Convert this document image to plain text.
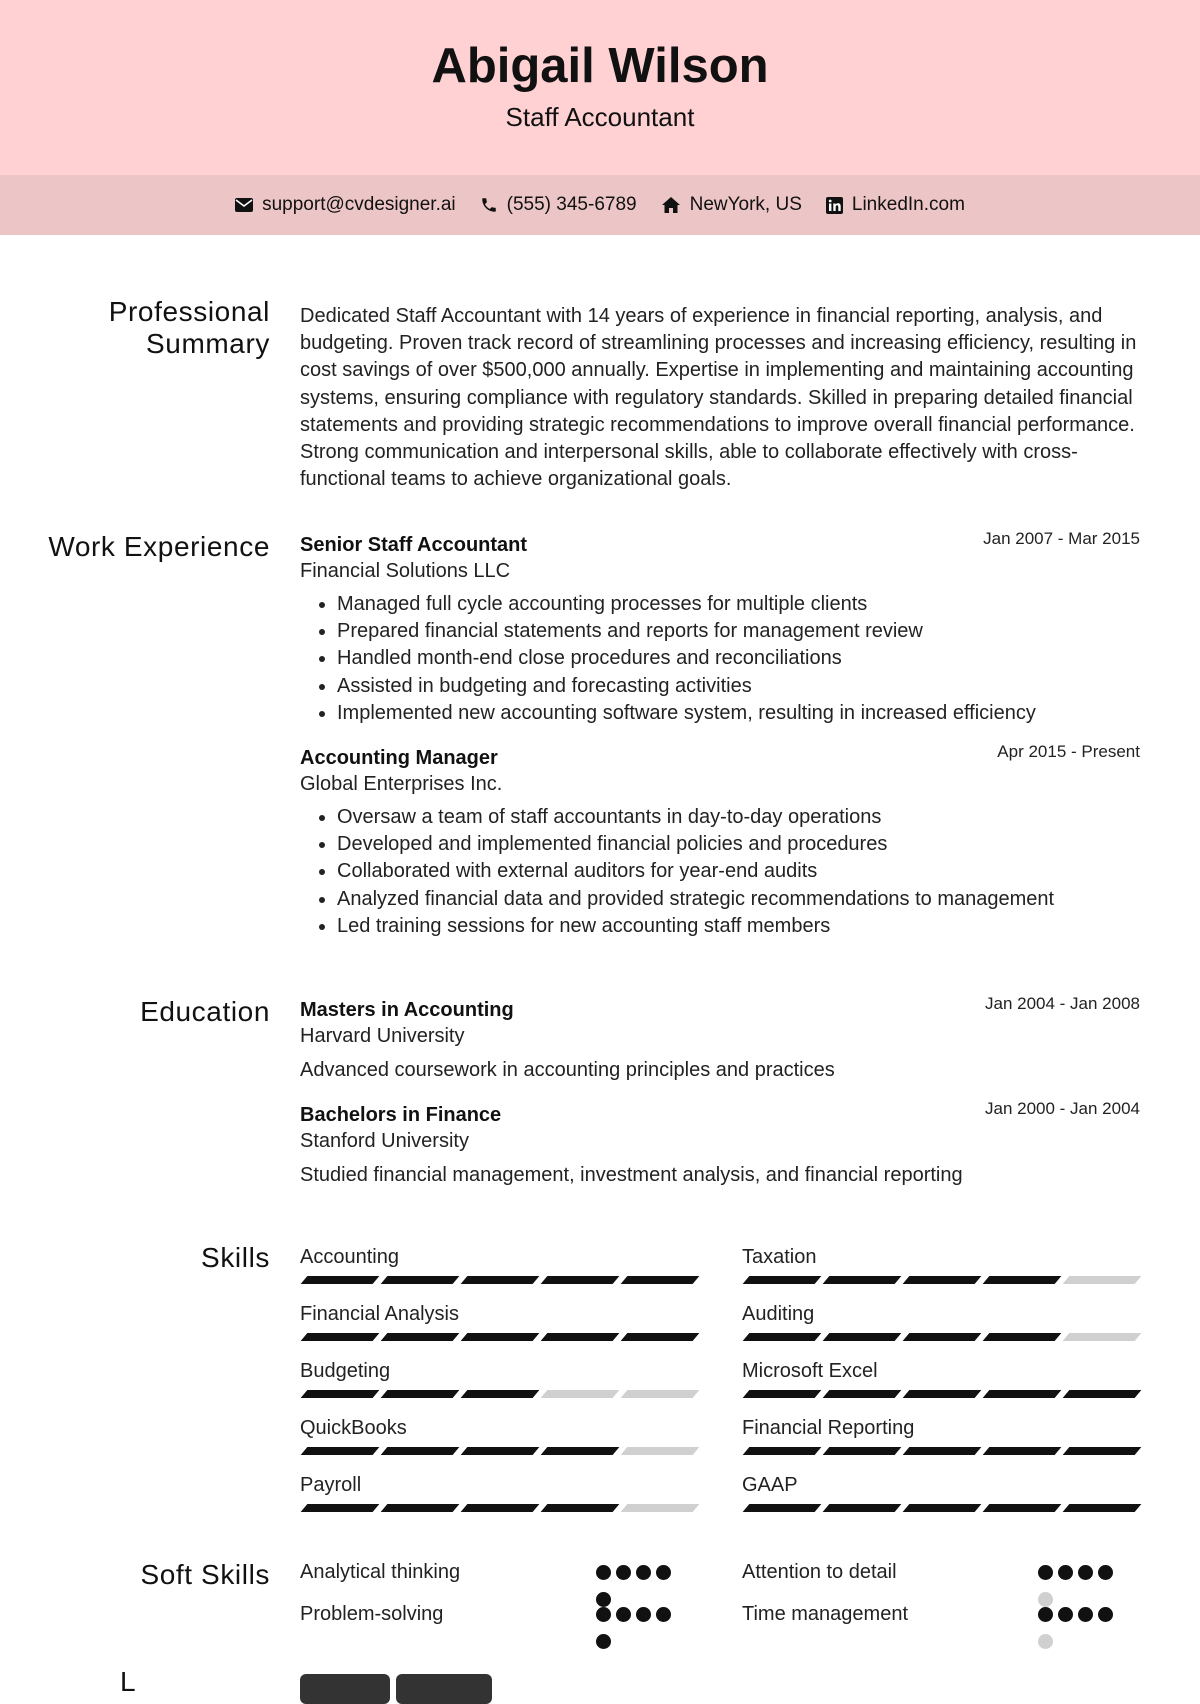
Abigail Wilson
Staff Accountant
support@cvdesigner.ai	(555) 345-6789	NewYork, US	LinkedIn.com
Professional Summary
Dedicated Staff Accountant with 14 years of experience in financial reporting, analysis, and budgeting. Proven track record of streamlining processes and increasing efficiency, resulting in cost savings of over $500,000 annually. Expertise in implementing and maintaining accounting systems, ensuring compliance with regulatory standards. Skilled in preparing detailed financial statements and providing strategic recommendations to improve overall financial performance. Strong communication and interpersonal skills, able to collaborate effectively with cross-functional teams to achieve organizational goals.
Work Experience Senior Staff Accountant	Jan 2007 - Mar 2015
Financial Solutions LLC
• Managed full cycle accounting processes for multiple clients
• Prepared financial statements and reports for management review
• Handled month-end close procedures and reconciliations
• Assisted in budgeting and forecasting activities
• Implemented new accounting software system, resulting in increased efficiency
Accounting Manager	Apr 2015 - Present
Global Enterprises Inc.
• Oversaw a team of staff accountants in day-to-day operations
• Developed and implemented financial policies and procedures
• Collaborated with external auditors for year-end audits
• Analyzed financial data and provided strategic recommendations to management
• Led training sessions for new accounting staff members
Education Masters in Accounting	Jan 2004 - Jan 2008
Harvard University
Advanced coursework in accounting principles and practices
Bachelors in Finance	Jan 2000 - Jan 2004
Stanford University
Studied financial management, investment analysis, and financial reporting
Skills Accounting	Taxation
Financial Analysis	Auditing
Budgeting	Microsoft Excel
QuickBooks	Financial Reporting
Payroll	GAAP
Soft Skills Analytical thinking	Attention to detail
Problem-solving	Time management
L
